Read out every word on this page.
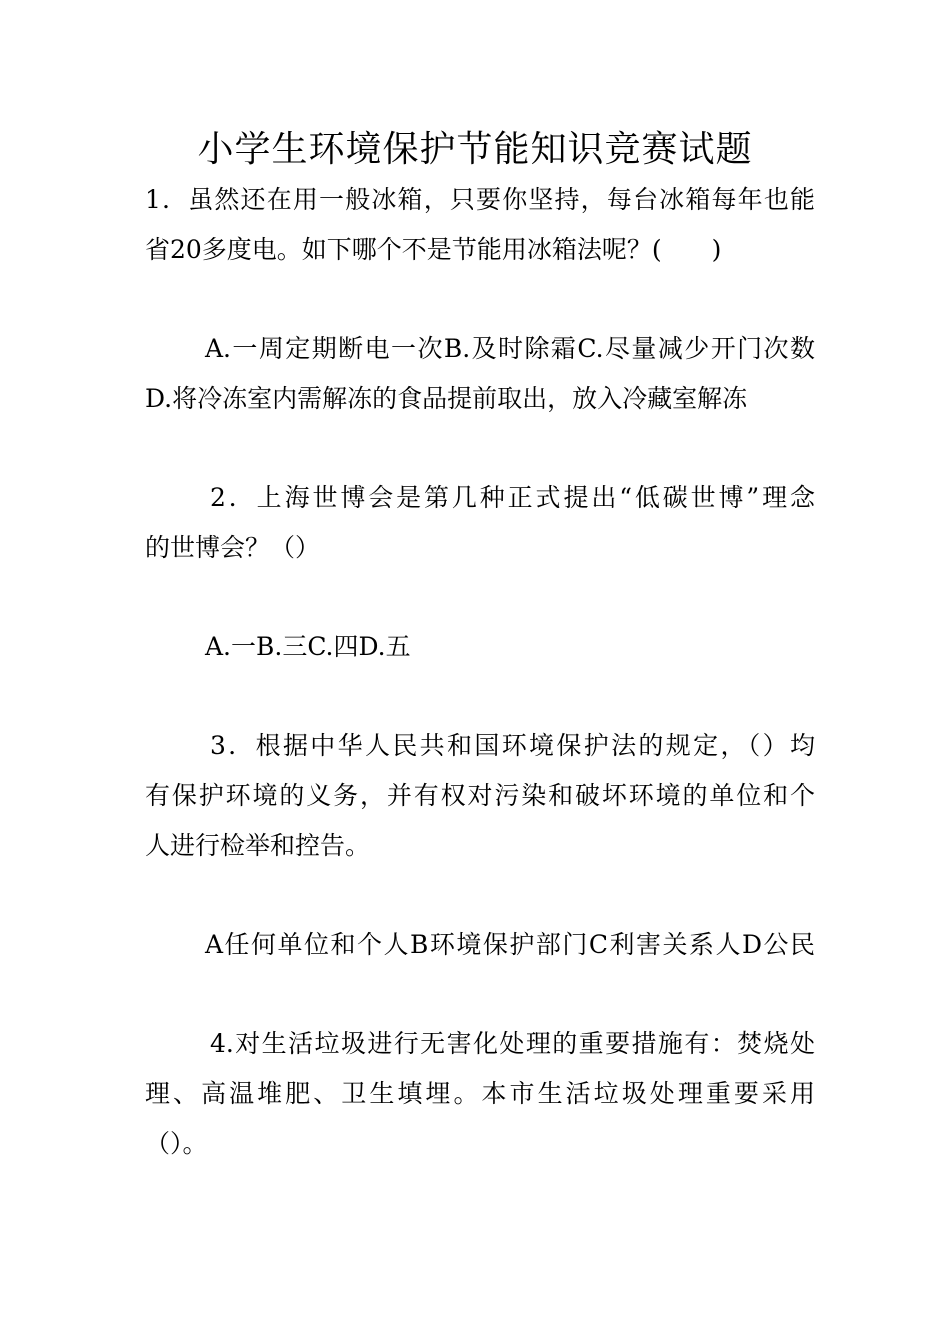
小学生环境保护节能知识竞赛试题
1．虽然还在用一般冰箱，只要你坚持，每台冰箱每年也能
省20多度电。如下哪个不是节能用冰箱法呢？(　　)
A.一周定期断电一次B.及时除霜C.尽量减少开门次数
D.将冷冻室内需解冻的食品提前取出，放入冷藏室解冻
2．上海世博会是第几种正式提出“低碳世博”理念
的世博会？（）
A.一B.三C.四D.五
3．根据中华人民共和国环境保护法的规定，（）均
有保护环境的义务，并有权对污染和破坏环境的单位和个
人进行检举和控告。
A任何单位和个人B环境保护部门C利害关系人D公民
4.对生活垃圾进行无害化处理的重要措施有：焚烧处
理、高温堆肥、卫生填埋。本市生活垃圾处理重要采用
（）。
